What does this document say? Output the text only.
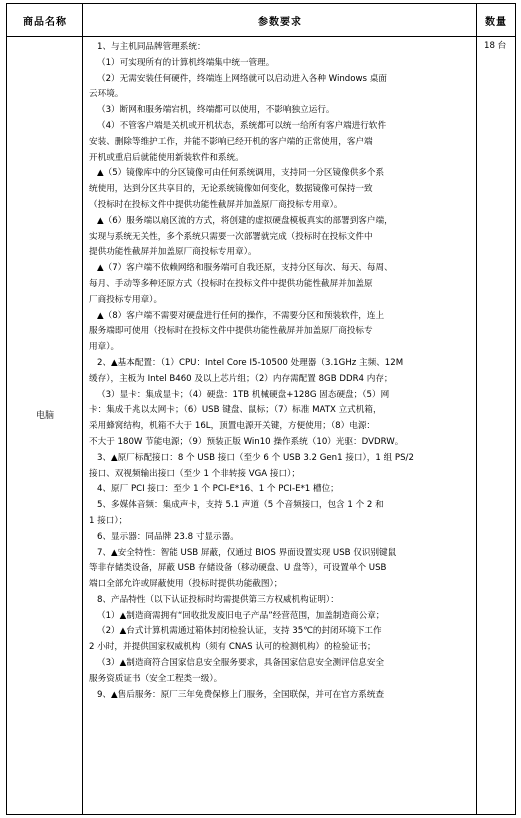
商品名称	参数要求	数量
电脑
18 台
1、与主机同品牌管理系统：
（1）可实现所有的计算机终端集中统一管理。
（2）无需安装任何硬件，终端连上网络就可以启动进入各种 Windows 桌面
云环境。
（3）断网和服务端宕机，终端都可以使用，不影响独立运行。
（4）不管客户端是关机或开机状态，系统都可以统一给所有客户端进行软件
安装、删除等维护工作，并能不影响已经开机的客户端的正常使用，客户端
开机或重启后就能使用新装软件和系统。
▲（5）镜像库中的分区镜像可由任何系统调用，支持同一分区镜像供多个系
统使用，达到分区共享目的，无论系统镜像如何变化，数据镜像可保持一致
（投标时在投标文件中提供功能性截屏并加盖原厂商投标专用章）。
▲（6）服务端以扇区流的方式，将创建的虚拟硬盘模板真实的部署到客户端，
实现与系统无关性，多个系统只需要一次部署就完成（投标时在投标文件中
提供功能性截屏并加盖原厂商投标专用章）。
▲（7）客户端不依赖网络和服务端可自我还原，支持分区每次、每天、每周、
每月、手动等多种还原方式（投标时在投标文件中提供功能性截屏并加盖原
厂商投标专用章）。
▲（8）客户端不需要对硬盘进行任何的操作，不需要分区和预装软件，连上
服务端即可使用（投标时在投标文件中提供功能性截屏并加盖原厂商投标专
用章）。
2、▲基本配置：（1）CPU：Intel Core I5-10500 处理器（3.1GHz 主频、12M
缓存），主板为 Intel B460 及以上芯片组；（2）内存需配置 8GB DDR4 内存；
（3）显卡：集成显卡；（4）硬盘：1TB 机械硬盘+128G 固态硬盘；（5）网
卡：集成千兆以太网卡；（6）USB 键盘、鼠标；（7）标准 MATX 立式机箱，
采用蜂窝结构，机箱不大于 16L，顶置电源开关键，方便使用；（8）电源：
不大于 180W 节能电源；（9）预装正版 Win10 操作系统（10）光驱：DVDRW。
3、▲原厂标配接口：8 个 USB 接口（至少 6 个 USB 3.2 Gen1 接口），1 组 PS/2
接口、双视频输出接口（至少 1 个非转接 VGA 接口）；
4、原厂 PCI 接口：至少 1 个 PCI-E*16、1 个 PCI-E*1 槽位；
5、多媒体音频：集成声卡，支持 5.1 声道（5 个音频接口，包含 1 个 2 和
1 接口）；
6、显示器：同品牌 23.8 寸显示器。
7、▲安全特性：智能 USB 屏蔽，仅通过 BIOS 界面设置实现 USB 仅识别键鼠
等非存储类设备，屏蔽 USB 存储设备（移动硬盘、U 盘等），可设置单个 USB
端口全部允许或屏蔽使用（投标时提供功能截图）；
8、产品特性（以下认证投标时均需提供第三方权威机构证明）：
（1）▲制造商需拥有“回收批发废旧电子产品”经营范围，加盖制造商公章；
（2）▲台式计算机需通过箱体封闭检验认证，支持 35℃的封闭环境下工作
2 小时，并提供国家权威机构（须有 CNAS 认可的检测机构）的检验证书；
（3）▲制造商符合国家信息安全服务要求，具备国家信息安全测评信息安全
服务资质证书（安全工程类一级）。
9、▲售后服务：原厂三年免费保修上门服务，全国联保，并可在官方系统查
